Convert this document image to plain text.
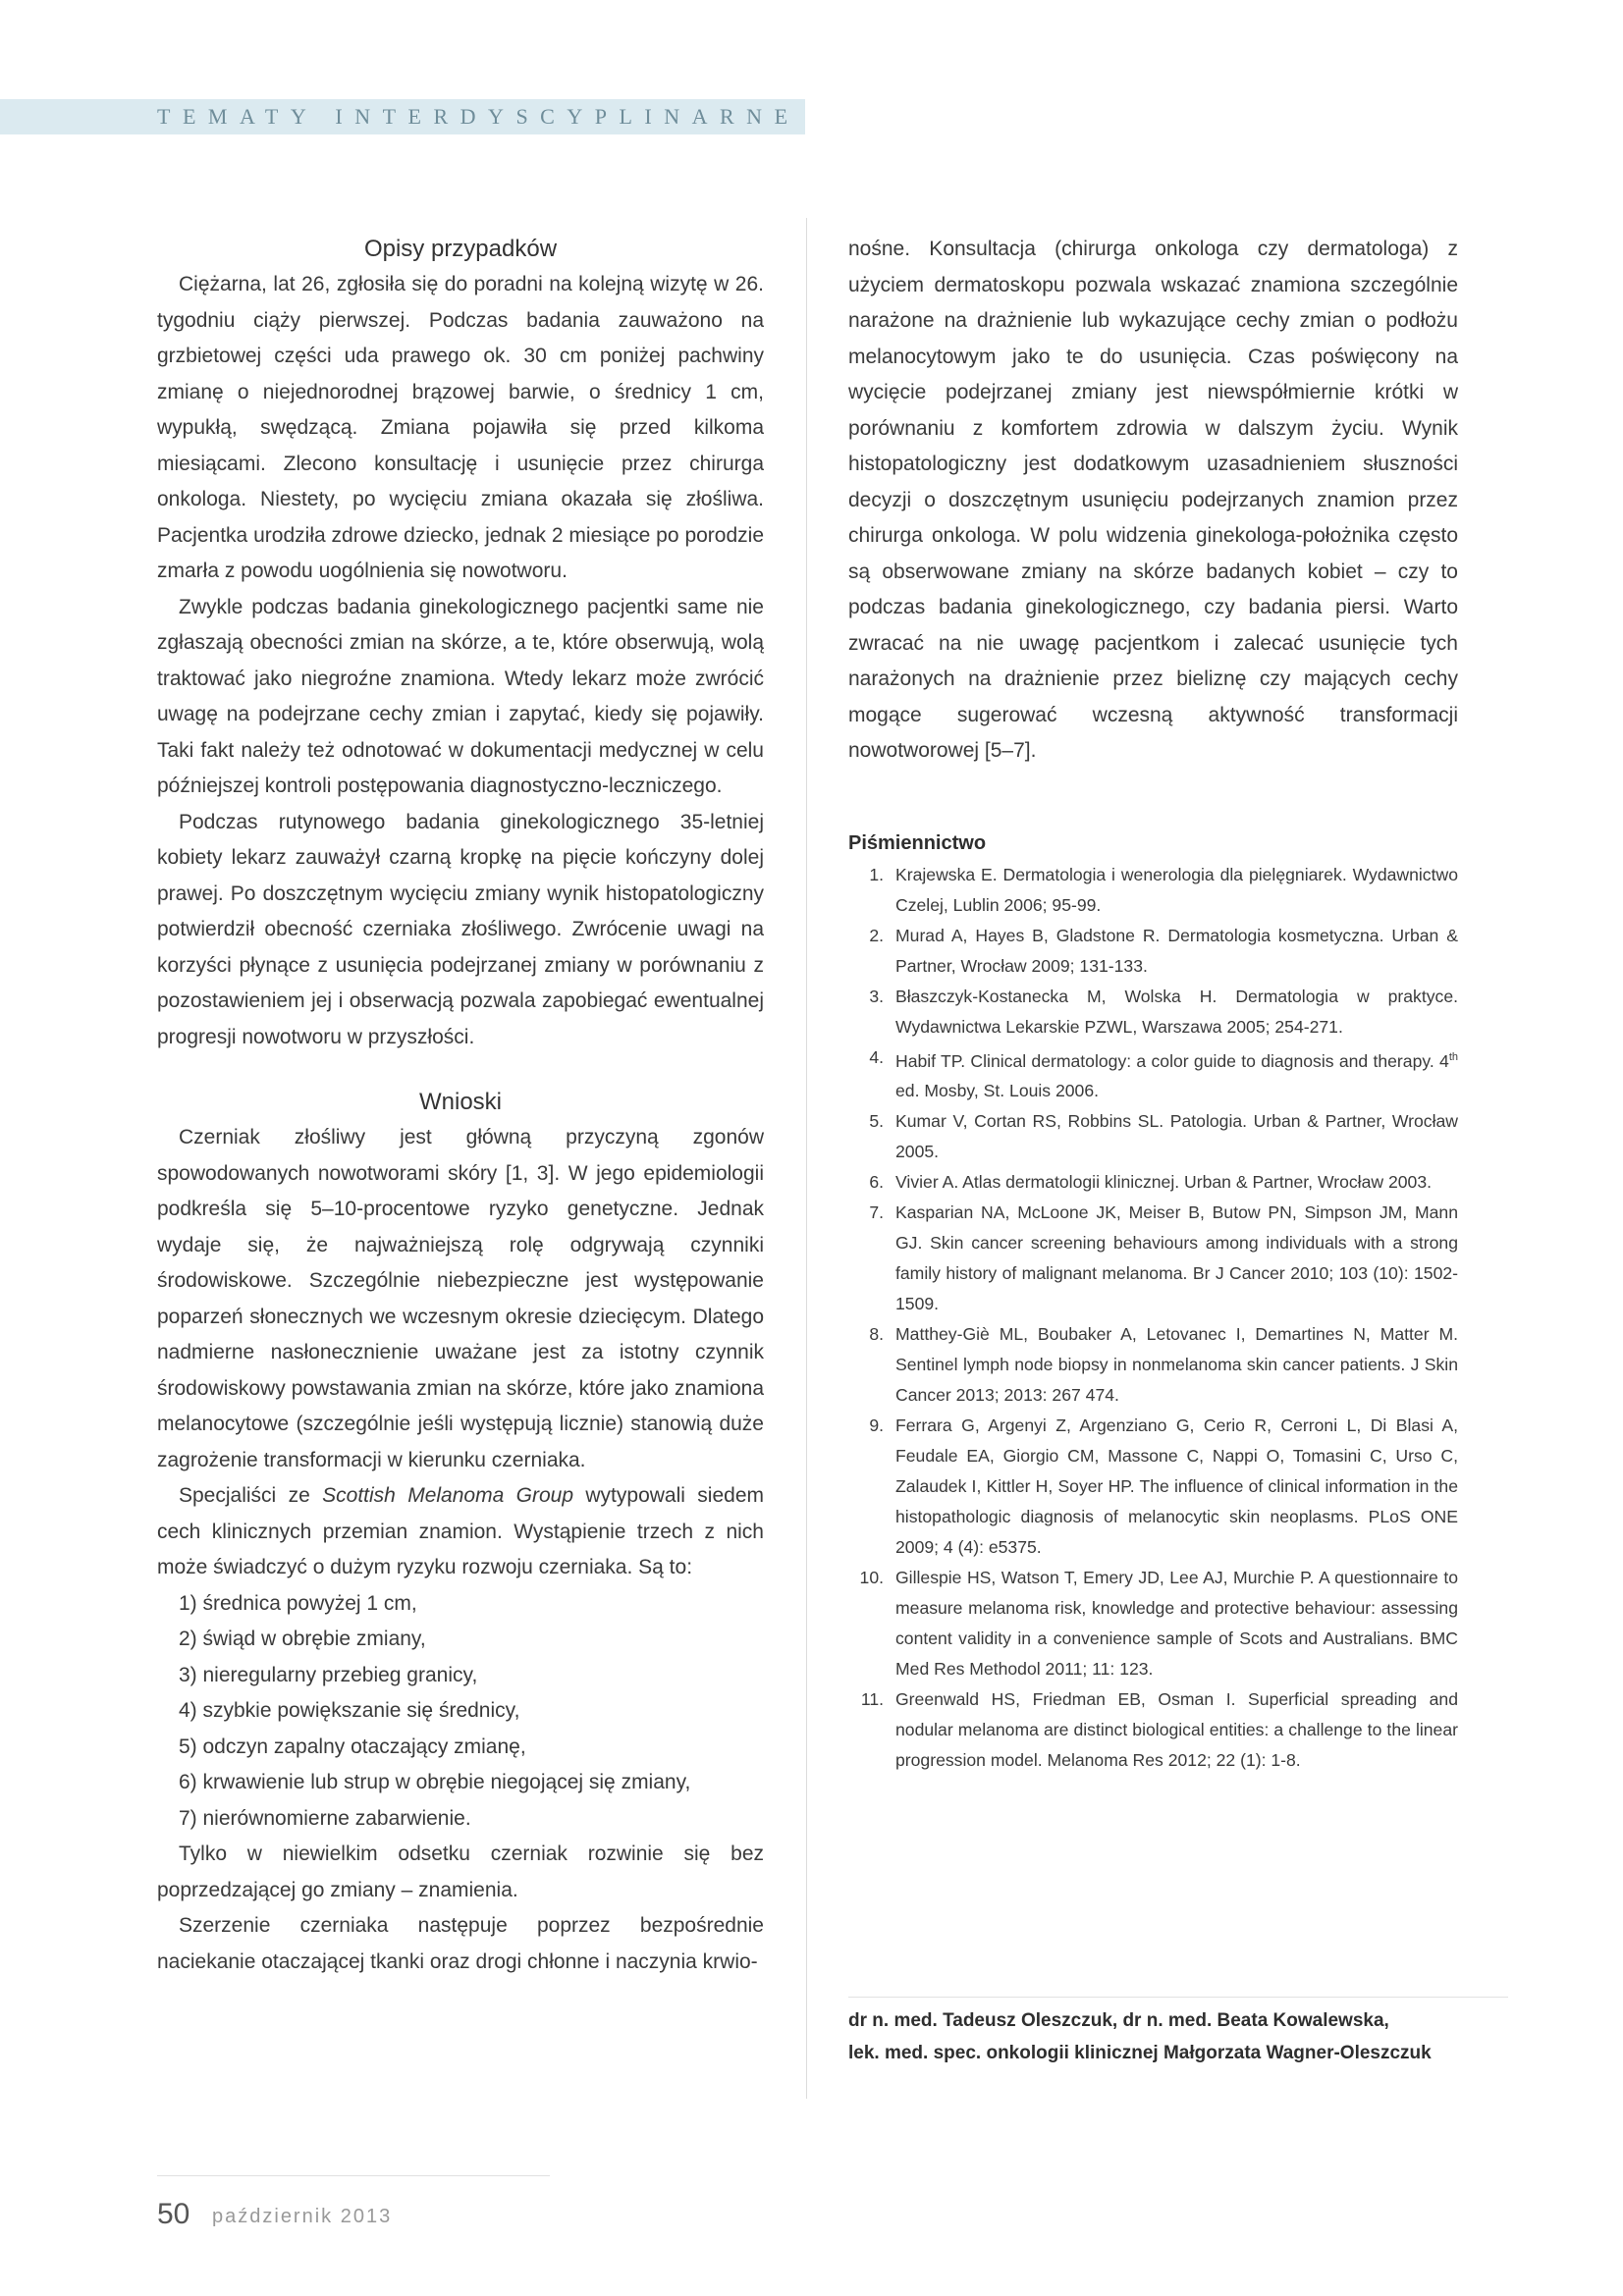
TEMATY INTERDYSCYPLINARNE
Opisy przypadków

Ciężarna, lat 26, zgłosiła się do poradni na kolejną wizytę w 26. tygodniu ciąży pierwszej. Podczas badania zauważono na grzbietowej części uda prawego ok. 30 cm poniżej pachwiny zmianę o niejednorodnej brązowej barwie, o średnicy 1 cm, wypukłą, swędzącą. Zmiana pojawiła się przed kilkoma miesiącami. Zlecono konsultację i usunięcie przez chirurga onkologa. Niestety, po wycięciu zmiana okazała się złośliwa. Pacjentka urodziła zdrowe dziecko, jednak 2 miesiące po porodzie zmarła z powodu uogólnienia się nowotworu.

Zwykle podczas badania ginekologicznego pacjentki same nie zgłaszają obecności zmian na skórze, a te, które obserwują, wolą traktować jako niegroźne znamiona. Wtedy lekarz może zwrócić uwagę na podejrzane cechy zmian i zapytać, kiedy się pojawiły. Taki fakt należy też odnotować w dokumentacji medycznej w celu późniejszej kontroli postępowania diagnostyczno-leczniczego.

Podczas rutynowego badania ginekologicznego 35-letniej kobiety lekarz zauważył czarną kropkę na pięcie kończyny dolej prawej. Po doszczętnym wycięciu zmiany wynik histopatologiczny potwierdził obecność czerniaka złośliwego. Zwrócenie uwagi na korzyści płynące z usunięcia podejrzanej zmiany w porównaniu z pozostawieniem jej i obserwacją pozwala zapobiegać ewentualnej progresji nowotworu w przyszłości.

Wnioski

Czerniak złośliwy jest główną przyczyną zgonów spowodowanych nowotworami skóry [1, 3]. W jego epidemiologii podkreśla się 5–10-procentowe ryzyko genetyczne. Jednak wydaje się, że najważniejszą rolę odgrywają czynniki środowiskowe. Szczególnie niebezpieczne jest występowanie poparzeń słonecznych we wczesnym okresie dziecięcym. Dlatego nadmierne nasłonecznienie uważane jest za istotny czynnik środowiskowy powstawania zmian na skórze, które jako znamiona melanocytowe (szczególnie jeśli występują licznie) stanowią duże zagrożenie transformacji w kierunku czerniaka.

Specjaliści ze Scottish Melanoma Group wytypowali siedem cech klinicznych przemian znamion. Wystąpienie trzech z nich może świadczyć o dużym ryzyku rozwoju czerniaka. Są to:

1) średnica powyżej 1 cm,

2) świąd w obrębie zmiany,

3) nieregularny przebieg granicy,

4) szybkie powiększanie się średnicy,

5) odczyn zapalny otaczający zmianę,

6) krwawienie lub strup w obrębie niegojącej się zmiany,

7) nierównomierne zabarwienie.

Tylko w niewielkim odsetku czerniak rozwinie się bez poprzedzającej go zmiany – znamienia.

Szerzenie czerniaka następuje poprzez bezpośrednie naciekanie otaczającej tkanki oraz drogi chłonne i naczynia krwio-

nośne. Konsultacja (chirurga onkologa czy dermatologa) z użyciem dermatoskopu pozwala wskazać znamiona szczególnie narażone na drażnienie lub wykazujące cechy zmian o podłożu melanocytowym jako te do usunięcia. Czas poświęcony na wycięcie podejrzanej zmiany jest niewspółmiernie krótki w porównaniu z komfortem zdrowia w dalszym życiu. Wynik histopatologiczny jest dodatkowym uzasadnieniem słuszności decyzji o doszczętnym usunięciu podejrzanych znamion przez chirurga onkologa. W polu widzenia ginekologa-położnika często są obserwowane zmiany na skórze badanych kobiet – czy to podczas badania ginekologicznego, czy badania piersi. Warto zwracać na nie uwagę pacjentkom i zalecać usunięcie tych narażonych na drażnienie przez bieliznę czy mających cechy mogące sugerować wczesną aktywność transformacji nowotworowej [5–7].

Piśmiennictwo
1. Krajewska E. Dermatologia i wenerologia dla pielęgniarek. Wydawnictwo Czelej, Lublin 2006; 95-99.
2. Murad A, Hayes B, Gladstone R. Dermatologia kosmetyczna. Urban & Partner, Wrocław 2009; 131-133.
3. Błaszczyk-Kostanecka M, Wolska H. Dermatologia w praktyce. Wydawnictwa Lekarskie PZWL, Warszawa 2005; 254-271.
4. Habif TP. Clinical dermatology: a color guide to diagnosis and therapy. 4th ed. Mosby, St. Louis 2006.
5. Kumar V, Cortan RS, Robbins SL. Patologia. Urban & Partner, Wrocław 2005.
6. Vivier A. Atlas dermatologii klinicznej. Urban & Partner, Wrocław 2003.
7. Kasparian NA, McLoone JK, Meiser B, Butow PN, Simpson JM, Mann GJ. Skin cancer screening behaviours among individuals with a strong family history of malignant melanoma. Br J Cancer 2010; 103 (10): 1502-1509.
8. Matthey-Giè ML, Boubaker A, Letovanec I, Demartines N, Matter M. Sentinel lymph node biopsy in nonmelanoma skin cancer patients. J Skin Cancer 2013; 2013: 267 474.
9. Ferrara G, Argenyi Z, Argenziano G, Cerio R, Cerroni L, Di Blasi A, Feudale EA, Giorgio CM, Massone C, Nappi O, Tomasini C, Urso C, Zalaudek I, Kittler H, Soyer HP. The influence of clinical information in the histopathologic diagnosis of melanocytic skin neoplasms. PLoS ONE 2009; 4 (4): e5375.
10. Gillespie HS, Watson T, Emery JD, Lee AJ, Murchie P. A questionnaire to measure melanoma risk, knowledge and protective behaviour: assessing content validity in a convenience sample of Scots and Australians. BMC Med Res Methodol 2011; 11: 123.
11. Greenwald HS, Friedman EB, Osman I. Superficial spreading and nodular melanoma are distinct biological entities: a challenge to the linear progression model. Melanoma Res 2012; 22 (1): 1-8.
dr n. med. Tadeusz Oleszczuk, dr n. med. Beata Kowalewska,
lek. med. spec. onkologii klinicznej Małgorzata Wagner-Oleszczuk
50 październik 2013
